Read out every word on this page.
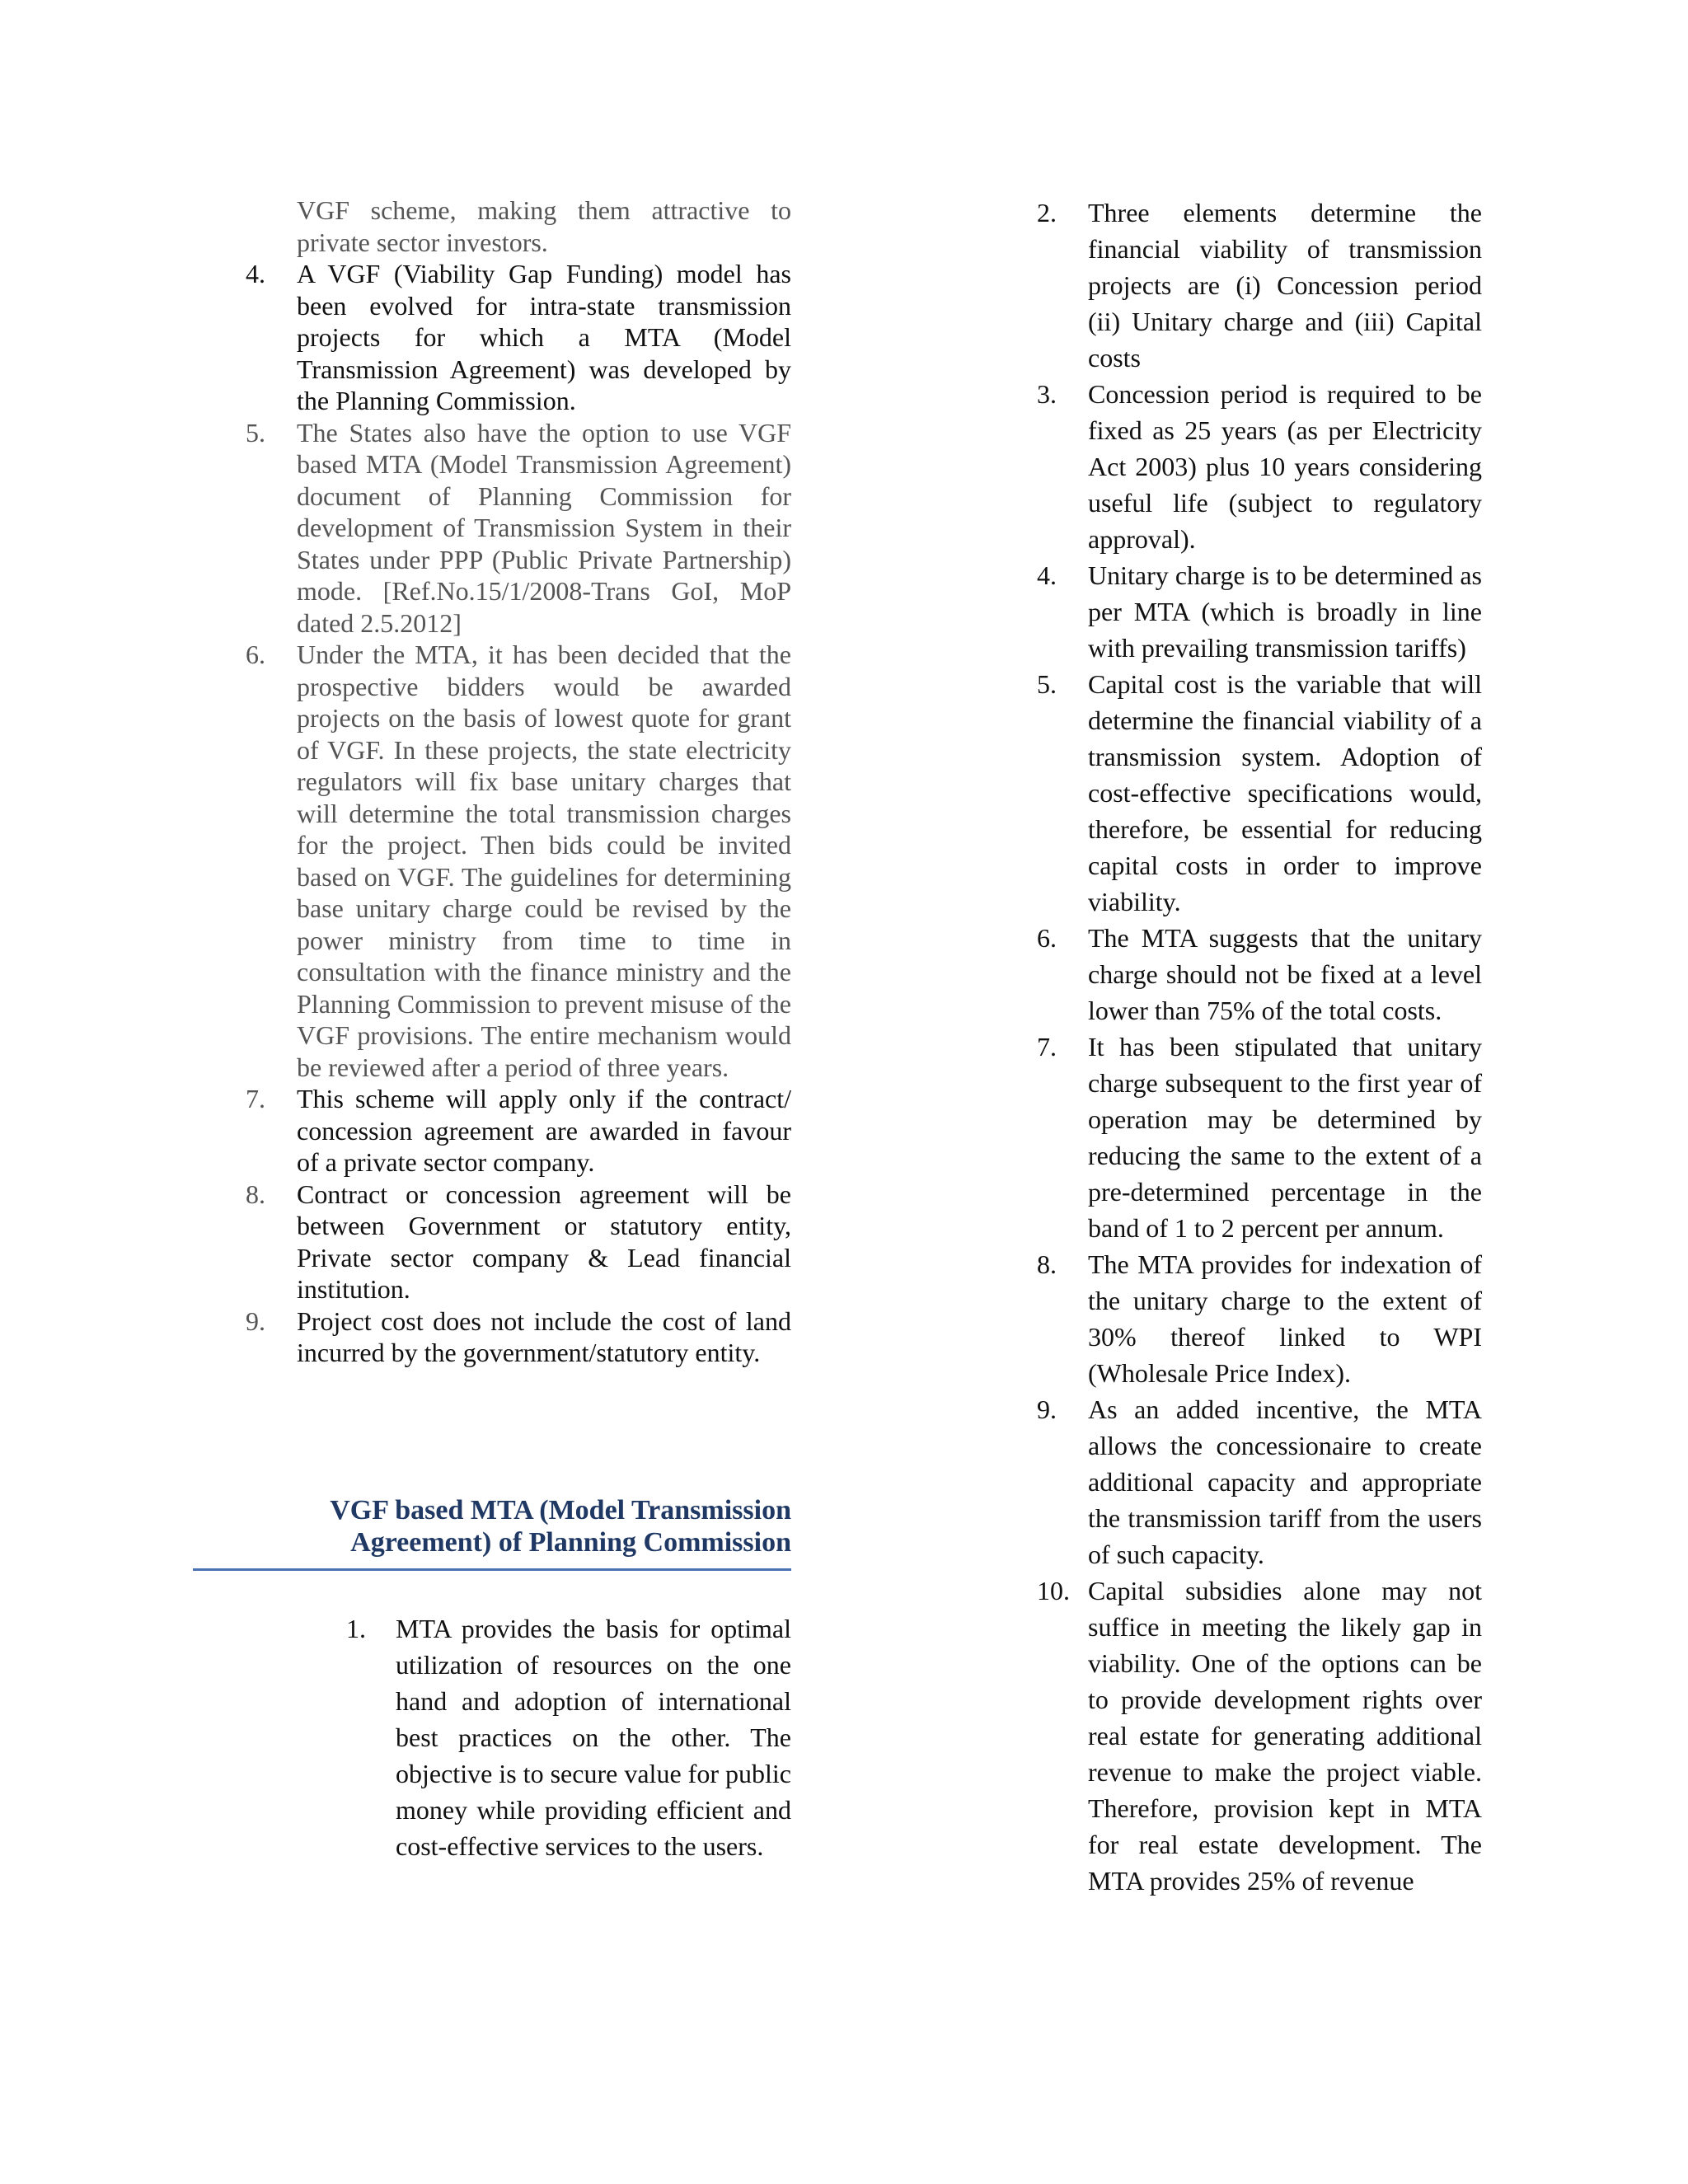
VGF scheme, making them attractive to private sector investors.

4.	A VGF (Viability Gap Funding) model has been evolved for intra-state transmission projects for which a MTA (Model Transmission Agreement) was developed by the Planning Commission.
5.	The States also have the option to use VGF based MTA (Model Transmission Agreement) document of Planning Commission for development of Transmission System in their States under PPP (Public Private Partnership) mode. [Ref.No.15/1/2008-Trans GoI, MoP dated 2.5.2012]
6.	Under the MTA, it has been decided that the prospective bidders would be awarded projects on the basis of lowest quote for grant of VGF. In these projects, the state electricity regulators will fix base unitary charges that will determine the total transmission charges for the project. Then bids could be invited based on VGF. The guidelines for determining base unitary charge could be revised by the power ministry from time to time in consultation with the finance ministry and the Planning Commission to prevent misuse of the VGF provisions. The entire mechanism would be reviewed after a period of three years.
7.	This scheme will apply only if the contract/ concession agreement are awarded in favour of a private sector company.
8.	Contract or concession agreement will be between Government or statutory entity, Private sector company & Lead financial institution.
9.	Project cost does not include the cost of land incurred by the government/statutory entity.
VGF based MTA (Model Transmission
Agreement) of Planning Commission
1.	MTA provides the basis for optimal utilization of resources on the one hand and adoption of international best practices on the other. The objective is to secure value for public money while providing efficient and cost-effective services to the users.
2.	Three elements determine the financial viability of transmission projects are (i) Concession period (ii) Unitary charge and (iii) Capital costs
3.	Concession period is required to be fixed as 25 years (as per Electricity Act 2003) plus 10 years considering useful life (subject to regulatory approval).
4.	Unitary charge is to be determined as per MTA (which is broadly in line with prevailing transmission tariffs)
5.	Capital cost is the variable that will determine the financial viability of a transmission system. Adoption of cost-effective specifications would, therefore, be essential for reducing capital costs in order to improve viability.
6.	The MTA suggests that the unitary charge should not be fixed at a level lower than 75% of the total costs.
7.	It has been stipulated that unitary charge subsequent to the first year of operation may be determined by reducing the same to the extent of a pre-determined percentage in the band of 1 to 2 percent per annum.
8.	The MTA provides for indexation of the unitary charge to the extent of 30% thereof linked to WPI (Wholesale Price Index).
9.	As an added incentive, the MTA allows the concessionaire to create additional capacity and appropriate the transmission tariff from the users of such capacity.
10. Capital subsidies alone may not suffice in meeting the likely gap in viability. One of the options can be to provide development rights over real estate for generating additional revenue to make the project viable. Therefore, provision kept in MTA for real estate development. The MTA provides 25% of revenue
